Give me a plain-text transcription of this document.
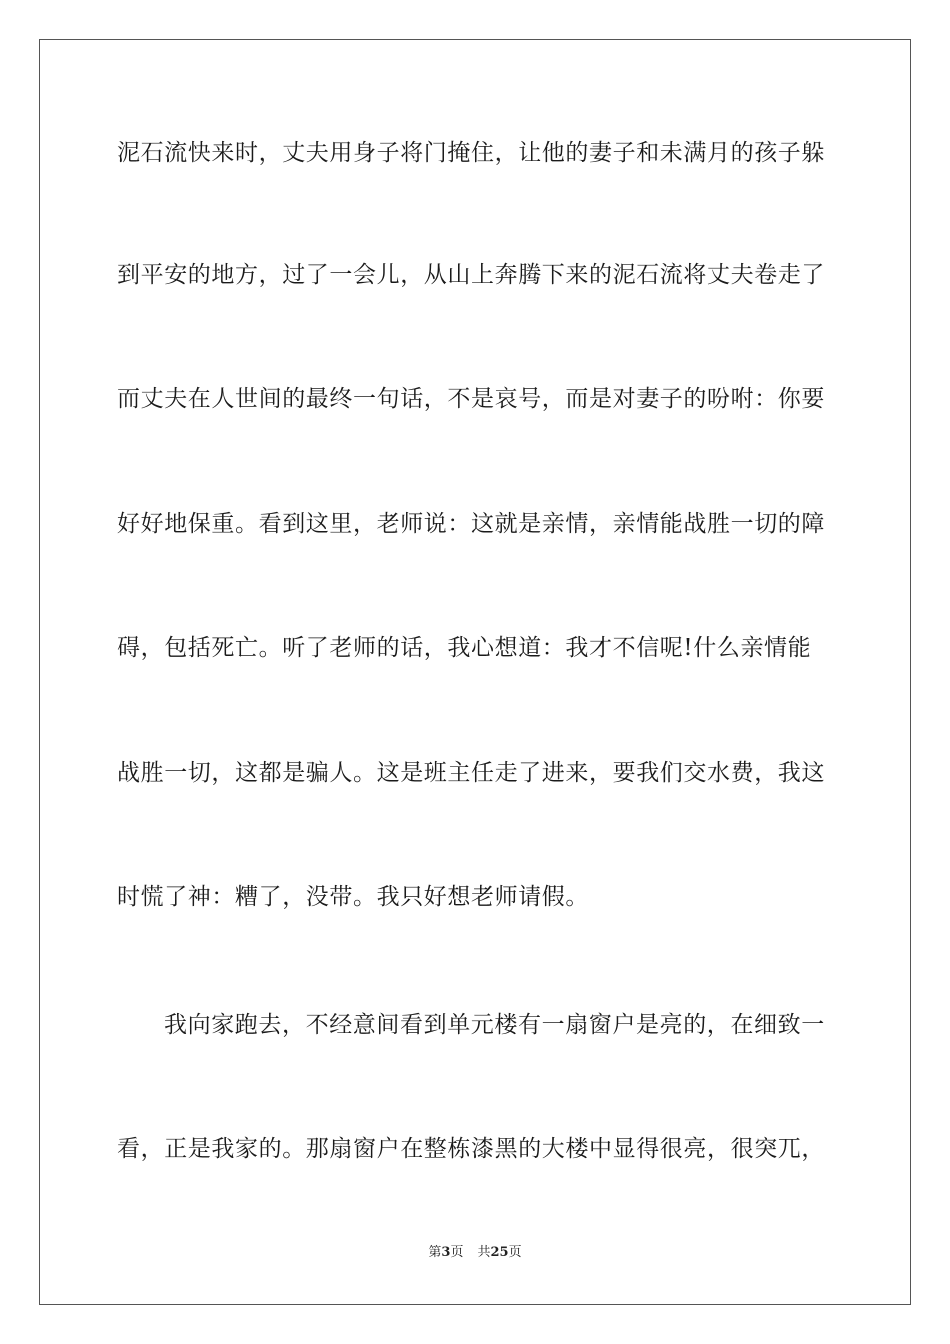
泥石流快来时，丈夫用身子将门掩住，让他的妻子和未满月的孩子躲
到平安的地方，过了一会儿，从山上奔腾下来的泥石流将丈夫卷走了
而丈夫在人世间的最终一句话，不是哀号，而是对妻子的吩咐：你要
好好地保重。看到这里，老师说：这就是亲情，亲情能战胜一切的障
碍，包括死亡。听了老师的话，我心想道：我才不信呢!什么亲情能
战胜一切，这都是骗人。这是班主任走了进来，要我们交水费，我这
时慌了神：糟了，没带。我只好想老师请假。
我向家跑去，不经意间看到单元楼有一扇窗户是亮的，在细致一
看，正是我家的。那扇窗户在整栋漆黑的大楼中显得很亮，很突兀，
第3页 共25页
